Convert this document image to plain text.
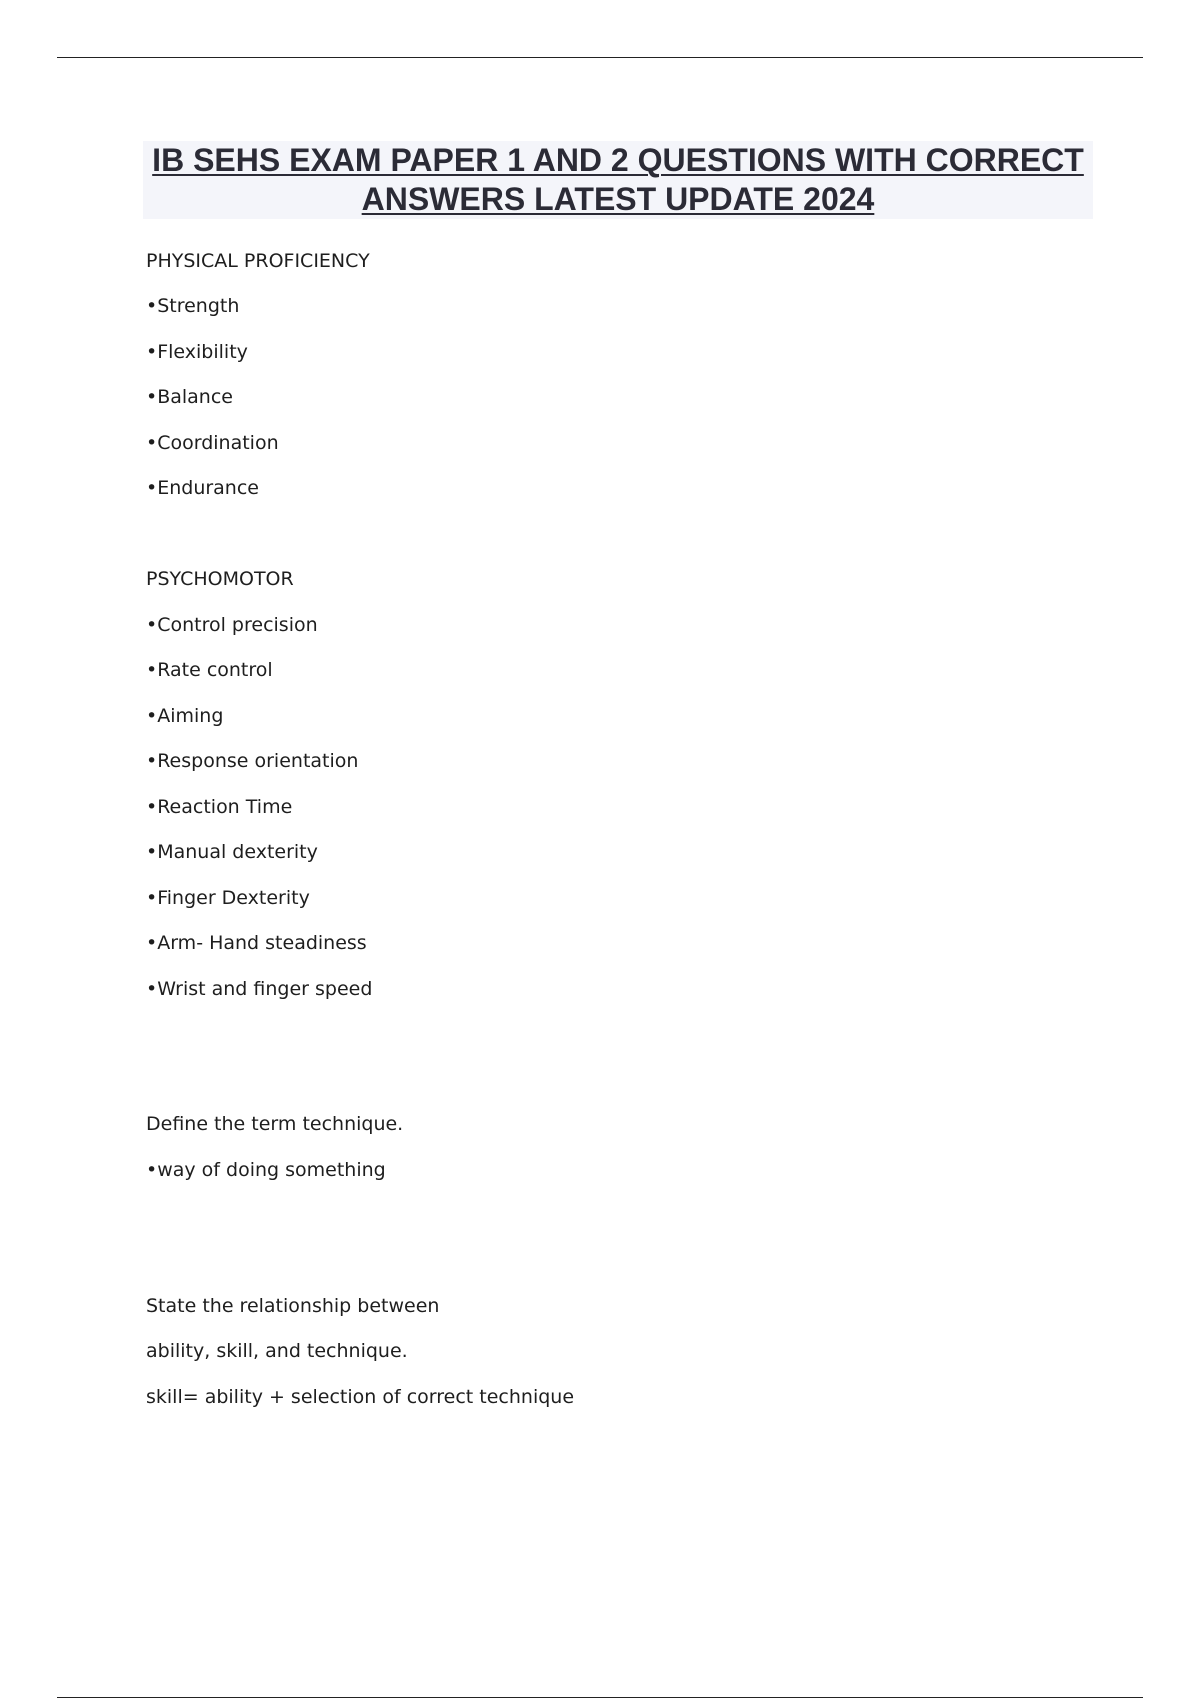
IB SEHS EXAM PAPER 1 AND 2 QUESTIONS WITH CORRECT
ANSWERS LATEST UPDATE 2024
PHYSICAL PROFICIENCY
•Strength
•Flexibility
•Balance
•Coordination
•Endurance
PSYCHOMOTOR
•Control precision
•Rate control
•Aiming
•Response orientation
•Reaction Time
•Manual dexterity
•Finger Dexterity
•Arm- Hand steadiness
•Wrist and finger speed
Define the term technique.
•way of doing something
State the relationship between
ability, skill, and technique.
skill= ability + selection of correct technique
